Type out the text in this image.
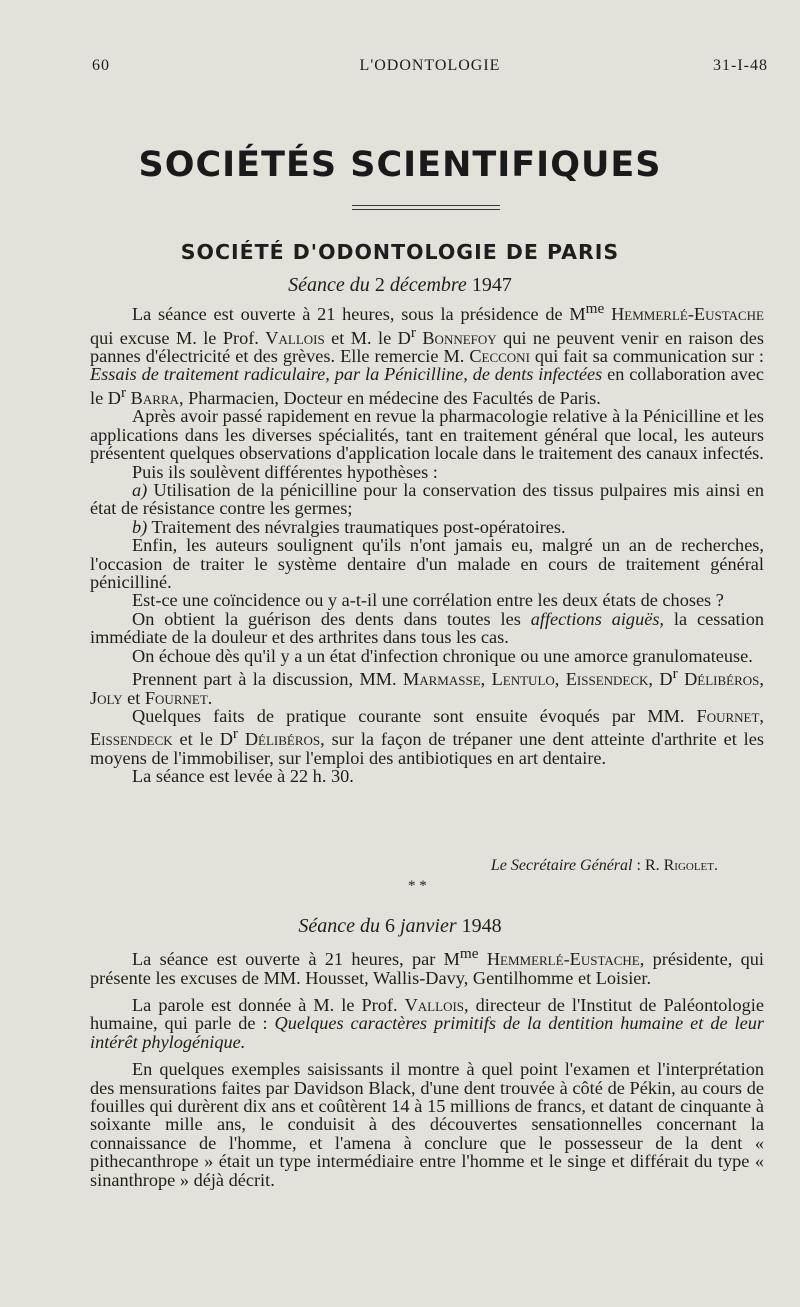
60	L'ODONTOLOGIE	31-I-48
SOCIÉTÉS SCIENTIFIQUES
SOCIÉTÉ D'ODONTOLOGIE DE PARIS
Séance du 2 décembre 1947

La séance est ouverte à 21 heures, sous la présidence de $M^{me}$ Hemmerlé-Eustache qui excuse M. le Prof. Vallois et M. le $D^r$ Bonnefoy qui ne peuvent venir en raison des pannes d'électricité et des grèves. Elle remercie M. Cecconi qui fait sa communication sur : Essais de traitement radiculaire, par la Pénicilline, de dents infectées en collaboration avec le $D^r$ Barra, Pharmacien, Docteur en médecine des Facultés de Paris.

Après avoir passé rapidement en revue la pharmacologie relative à la Pénicilline et les applications dans les diverses spécialités, tant en traitement général que local, les auteurs présentent quelques observations d'application locale dans le traitement des canaux infectés.

Puis ils soulèvent différentes hypothèses :

a) Utilisation de la pénicilline pour la conservation des tissus pulpaires mis ainsi en état de résistance contre les germes;

b) Traitement des névralgies traumatiques post-opératoires.

Enfin, les auteurs soulignent qu'ils n'ont jamais eu, malgré un an de recherches, l'occasion de traiter le système dentaire d'un malade en cours de traitement général pénicilliné.

Est-ce une coïncidence ou y a-t-il une corrélation entre les deux états de choses ?

On obtient la guérison des dents dans toutes les affections aiguës, la cessation immédiate de la douleur et des arthrites dans tous les cas.

On échoue dès qu'il y a un état d'infection chronique ou une amorce granulomateuse.

Prennent part à la discussion, MM. Marmasse, Lentulo, Eissendeck, $D^r$ Délibéros, Joly et Fournet.

Quelques faits de pratique courante sont ensuite évoqués par MM. Fournet, Eissendeck et le $D^r$ Délibéros, sur la façon de trépaner une dent atteinte d'arthrite et les moyens de l'immobiliser, sur l'emploi des antibiotiques en art dentaire.

La séance est levée à 22 h. 30.

Le Secrétaire Général : R. Rigolet.
* *
Séance du 6 janvier 1948

La séance est ouverte à 21 heures, par $M^{me}$ Hemmerlé-Eustache, présidente, qui présente les excuses de MM. Housset, Wallis-Davy, Gentilhomme et Loisier.

La parole est donnée à M. le Prof. Vallois, directeur de l'Institut de Paléontologie humaine, qui parle de : Quelques caractères primitifs de la dentition humaine et de leur intérêt phylogénique.

En quelques exemples saisissants il montre à quel point l'examen et l'interprétation des mensurations faites par Davidson Black, d'une dent trouvée à côté de Pékin, au cours de fouilles qui durèrent dix ans et coûtèrent 14 à 15 millions de francs, et datant de cinquante à soixante mille ans, le conduisit à des découvertes sensationnelles concernant la connaissance de l'homme, et l'amena à conclure que le possesseur de la dent « pithecanthrope » était un type intermédiaire entre l'homme et le singe et différait du type « sinanthrope » déjà décrit.
